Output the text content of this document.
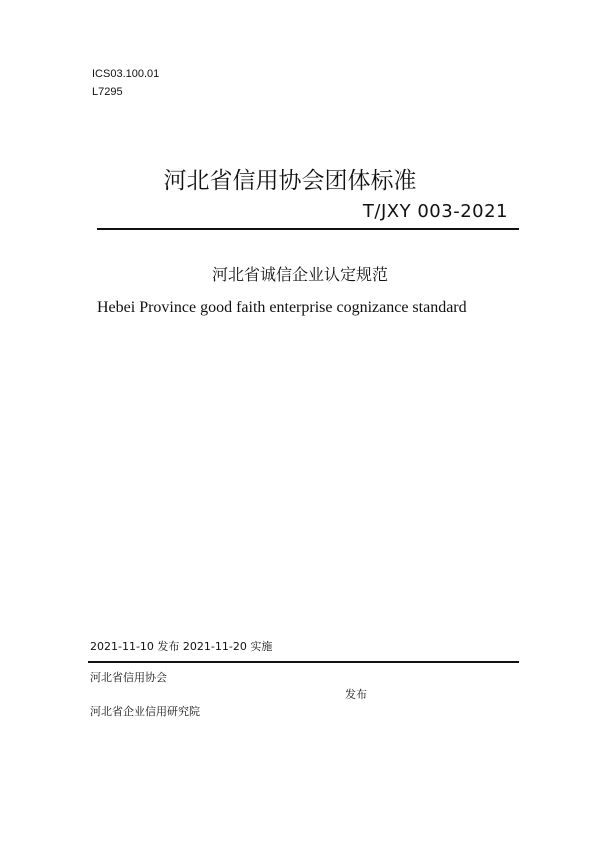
ICS03.100.01
L7295
河北省信用协会团体标准
T/JXY 003-2021
河北省诚信企业认定规范
Hebei Province good faith enterprise cognizance standard
2021-11-10 发布 2021-11-20 实施
河北省信用协会
发布
河北省企业信用研究院
